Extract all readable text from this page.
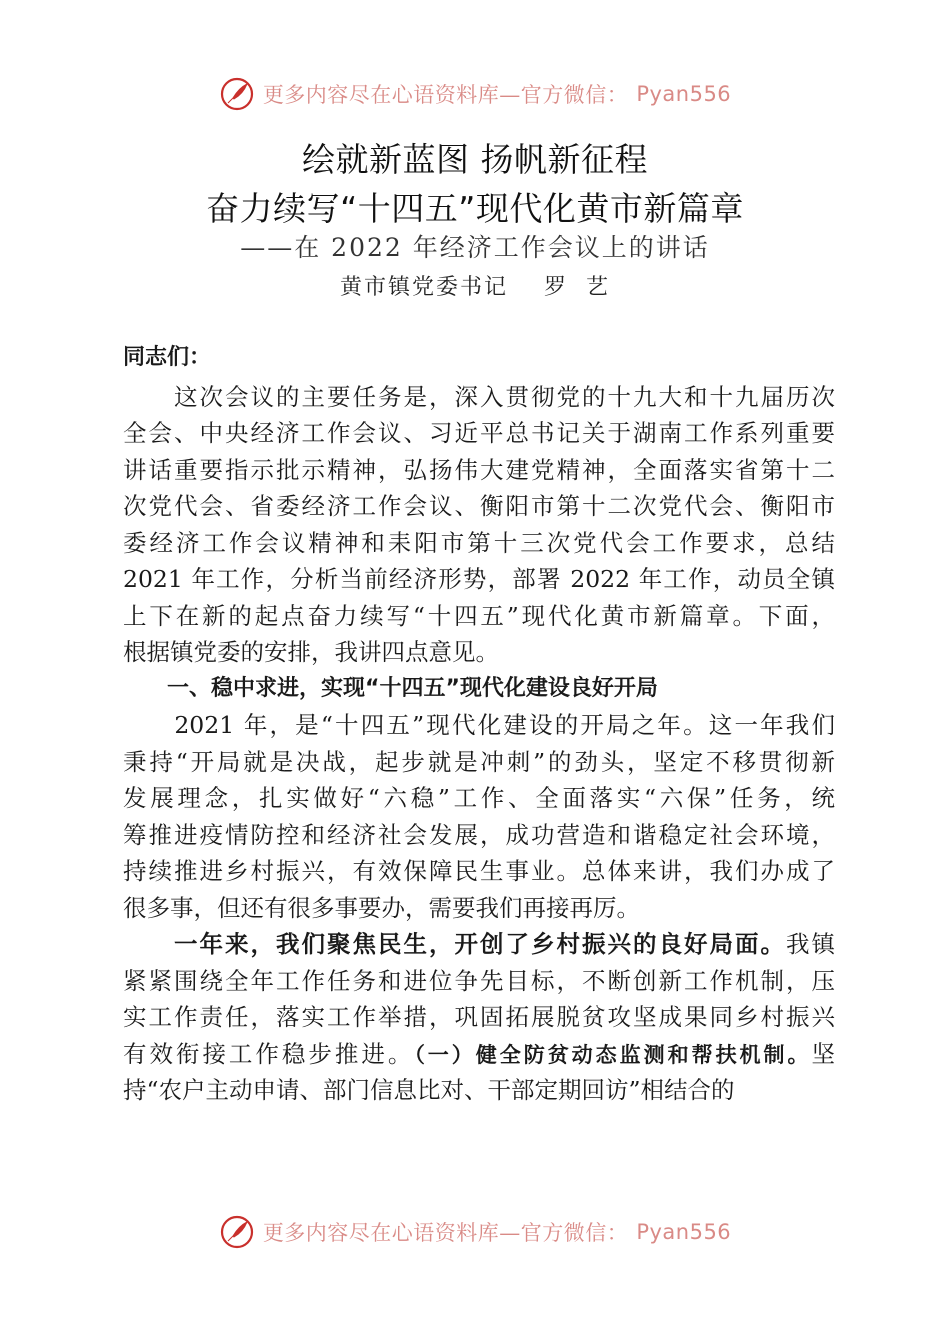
更多内容尽在心语资料库—官方微信： Pyan556
绘就新蓝图 扬帆新征程
奋力续写“十四五”现代化黄市新篇章
——在 2022 年经济工作会议上的讲话
黄市镇党委书记    罗  艺
同志们：
　　这次会议的主要任务是，深入贯彻党的十九大和十九届历次
全会、中央经济工作会议、习近平总书记关于湖南工作系列重要
讲话重要指示批示精神，弘扬伟大建党精神，全面落实省第十二
次党代会、省委经济工作会议、衡阳市第十二次党代会、衡阳市
委经济工作会议精神和耒阳市第十三次党代会工作要求，总结
2021 年工作，分析当前经济形势，部署 2022 年工作，动员全镇
上下在新的起点奋力续写“十四五”现代化黄市新篇章。下面，
根据镇党委的安排，我讲四点意见。
　　一、稳中求进，实现“十四五”现代化建设良好开局
　　2021 年，是“十四五”现代化建设的开局之年。这一年我们
秉持“开局就是决战，起步就是冲刺”的劲头，坚定不移贯彻新
发展理念，扎实做好“六稳”工作、全面落实“六保”任务，统
筹推进疫情防控和经济社会发展，成功营造和谐稳定社会环境，
持续推进乡村振兴，有效保障民生事业。总体来讲，我们办成了
很多事，但还有很多事要办，需要我们再接再厉。
　　一年来，我们聚焦民生，开创了乡村振兴的良好局面。我镇
紧紧围绕全年工作任务和进位争先目标，不断创新工作机制，压
实工作责任，落实工作举措，巩固拓展脱贫攻坚成果同乡村振兴
有效衔接工作稳步推进。（一）健全防贫动态监测和帮扶机制。坚
持“农户主动申请、部门信息比对、干部定期回访”相结合的
更多内容尽在心语资料库—官方微信： Pyan556
